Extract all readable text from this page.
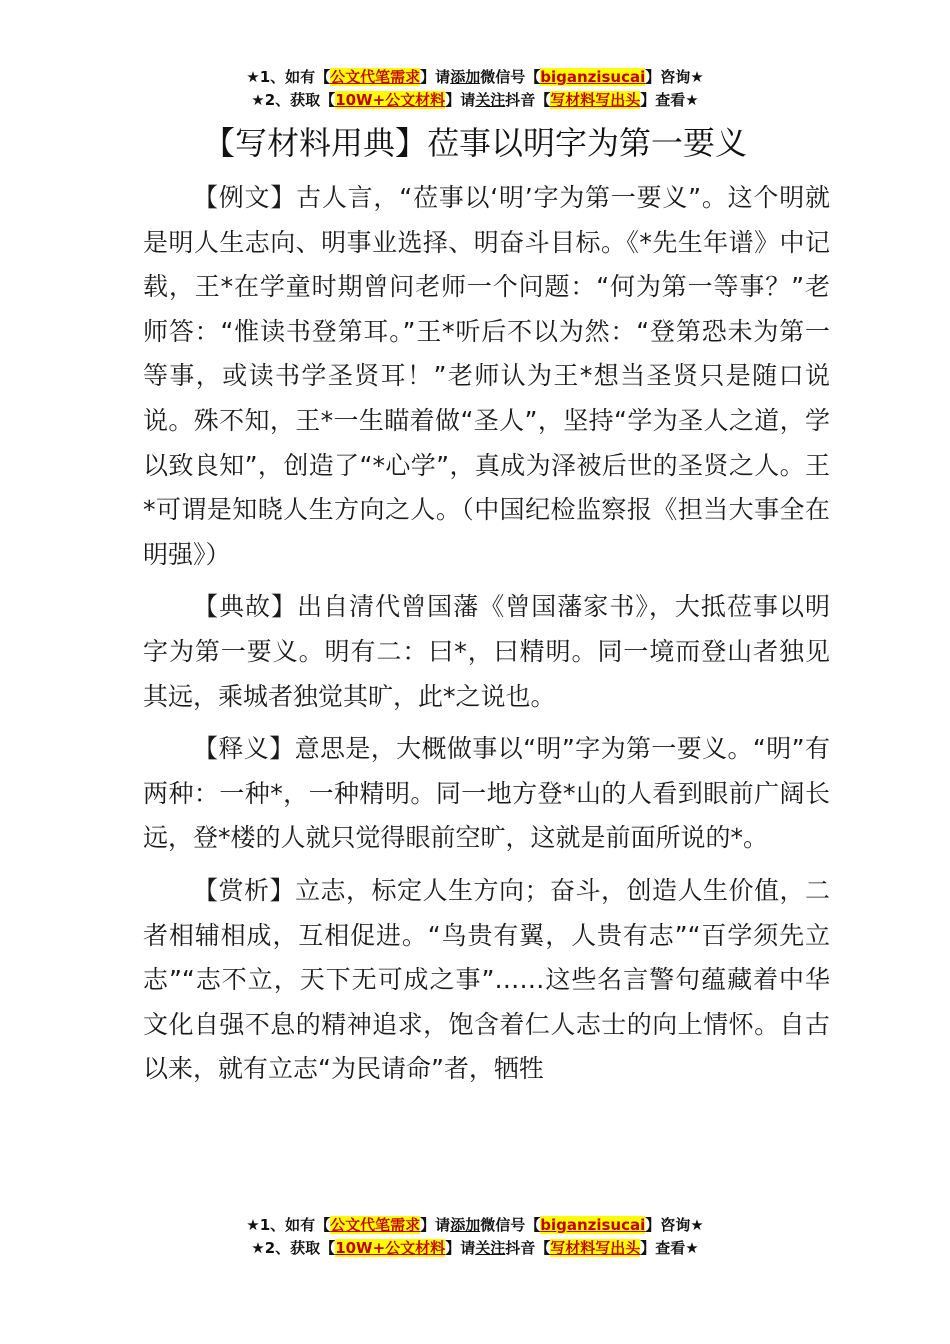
★1、如有【公文代笔需求】请添加微信号【biganzisucai】咨询★
★2、获取【10W+公文材料】请关注抖音【写材料写出头】查看★
【写材料用典】莅事以明字为第一要义

【例文】古人言，“莅事以‘明’字为第一要义”。这个明就是明人生志向、明事业选择、明奋斗目标。《*先生年谱》中记载，王*在学童时期曾问老师一个问题：“何为第一等事？”老师答：“惟读书登第耳。”王*听后不以为然：“登第恐未为第一等事，或读书学圣贤耳！”老师认为王*想当圣贤只是随口说说。殊不知，王*一生瞄着做“圣人”，坚持“学为圣人之道，学以致良知”，创造了“*心学”，真成为泽被后世的圣贤之人。王*可谓是知晓人生方向之人。（中国纪检监察报《担当大事全在明强》）

【典故】出自清代曾国藩《曾国藩家书》，大抵莅事以明字为第一要义。明有二：曰*，曰精明。同一境而登山者独见其远，乘城者独觉其旷，此*之说也。

【释义】意思是，大概做事以“明”字为第一要义。“明”有两种：一种*，一种精明。同一地方登*山的人看到眼前广阔长远，登*楼的人就只觉得眼前空旷，这就是前面所说的*。

【赏析】立志，标定人生方向；奋斗，创造人生价值，二者相辅相成，互相促进。“鸟贵有翼，人贵有志”“百学须先立志”“志不立，天下无可成之事”……这些名言警句蕴藏着中华文化自强不息的精神追求，饱含着仁人志士的向上情怀。自古以来，就有立志“为民请命”者，牺牲

★1、如有【公文代笔需求】请添加微信号【biganzisucai】咨询★
★2、获取【10W+公文材料】请关注抖音【写材料写出头】查看★
